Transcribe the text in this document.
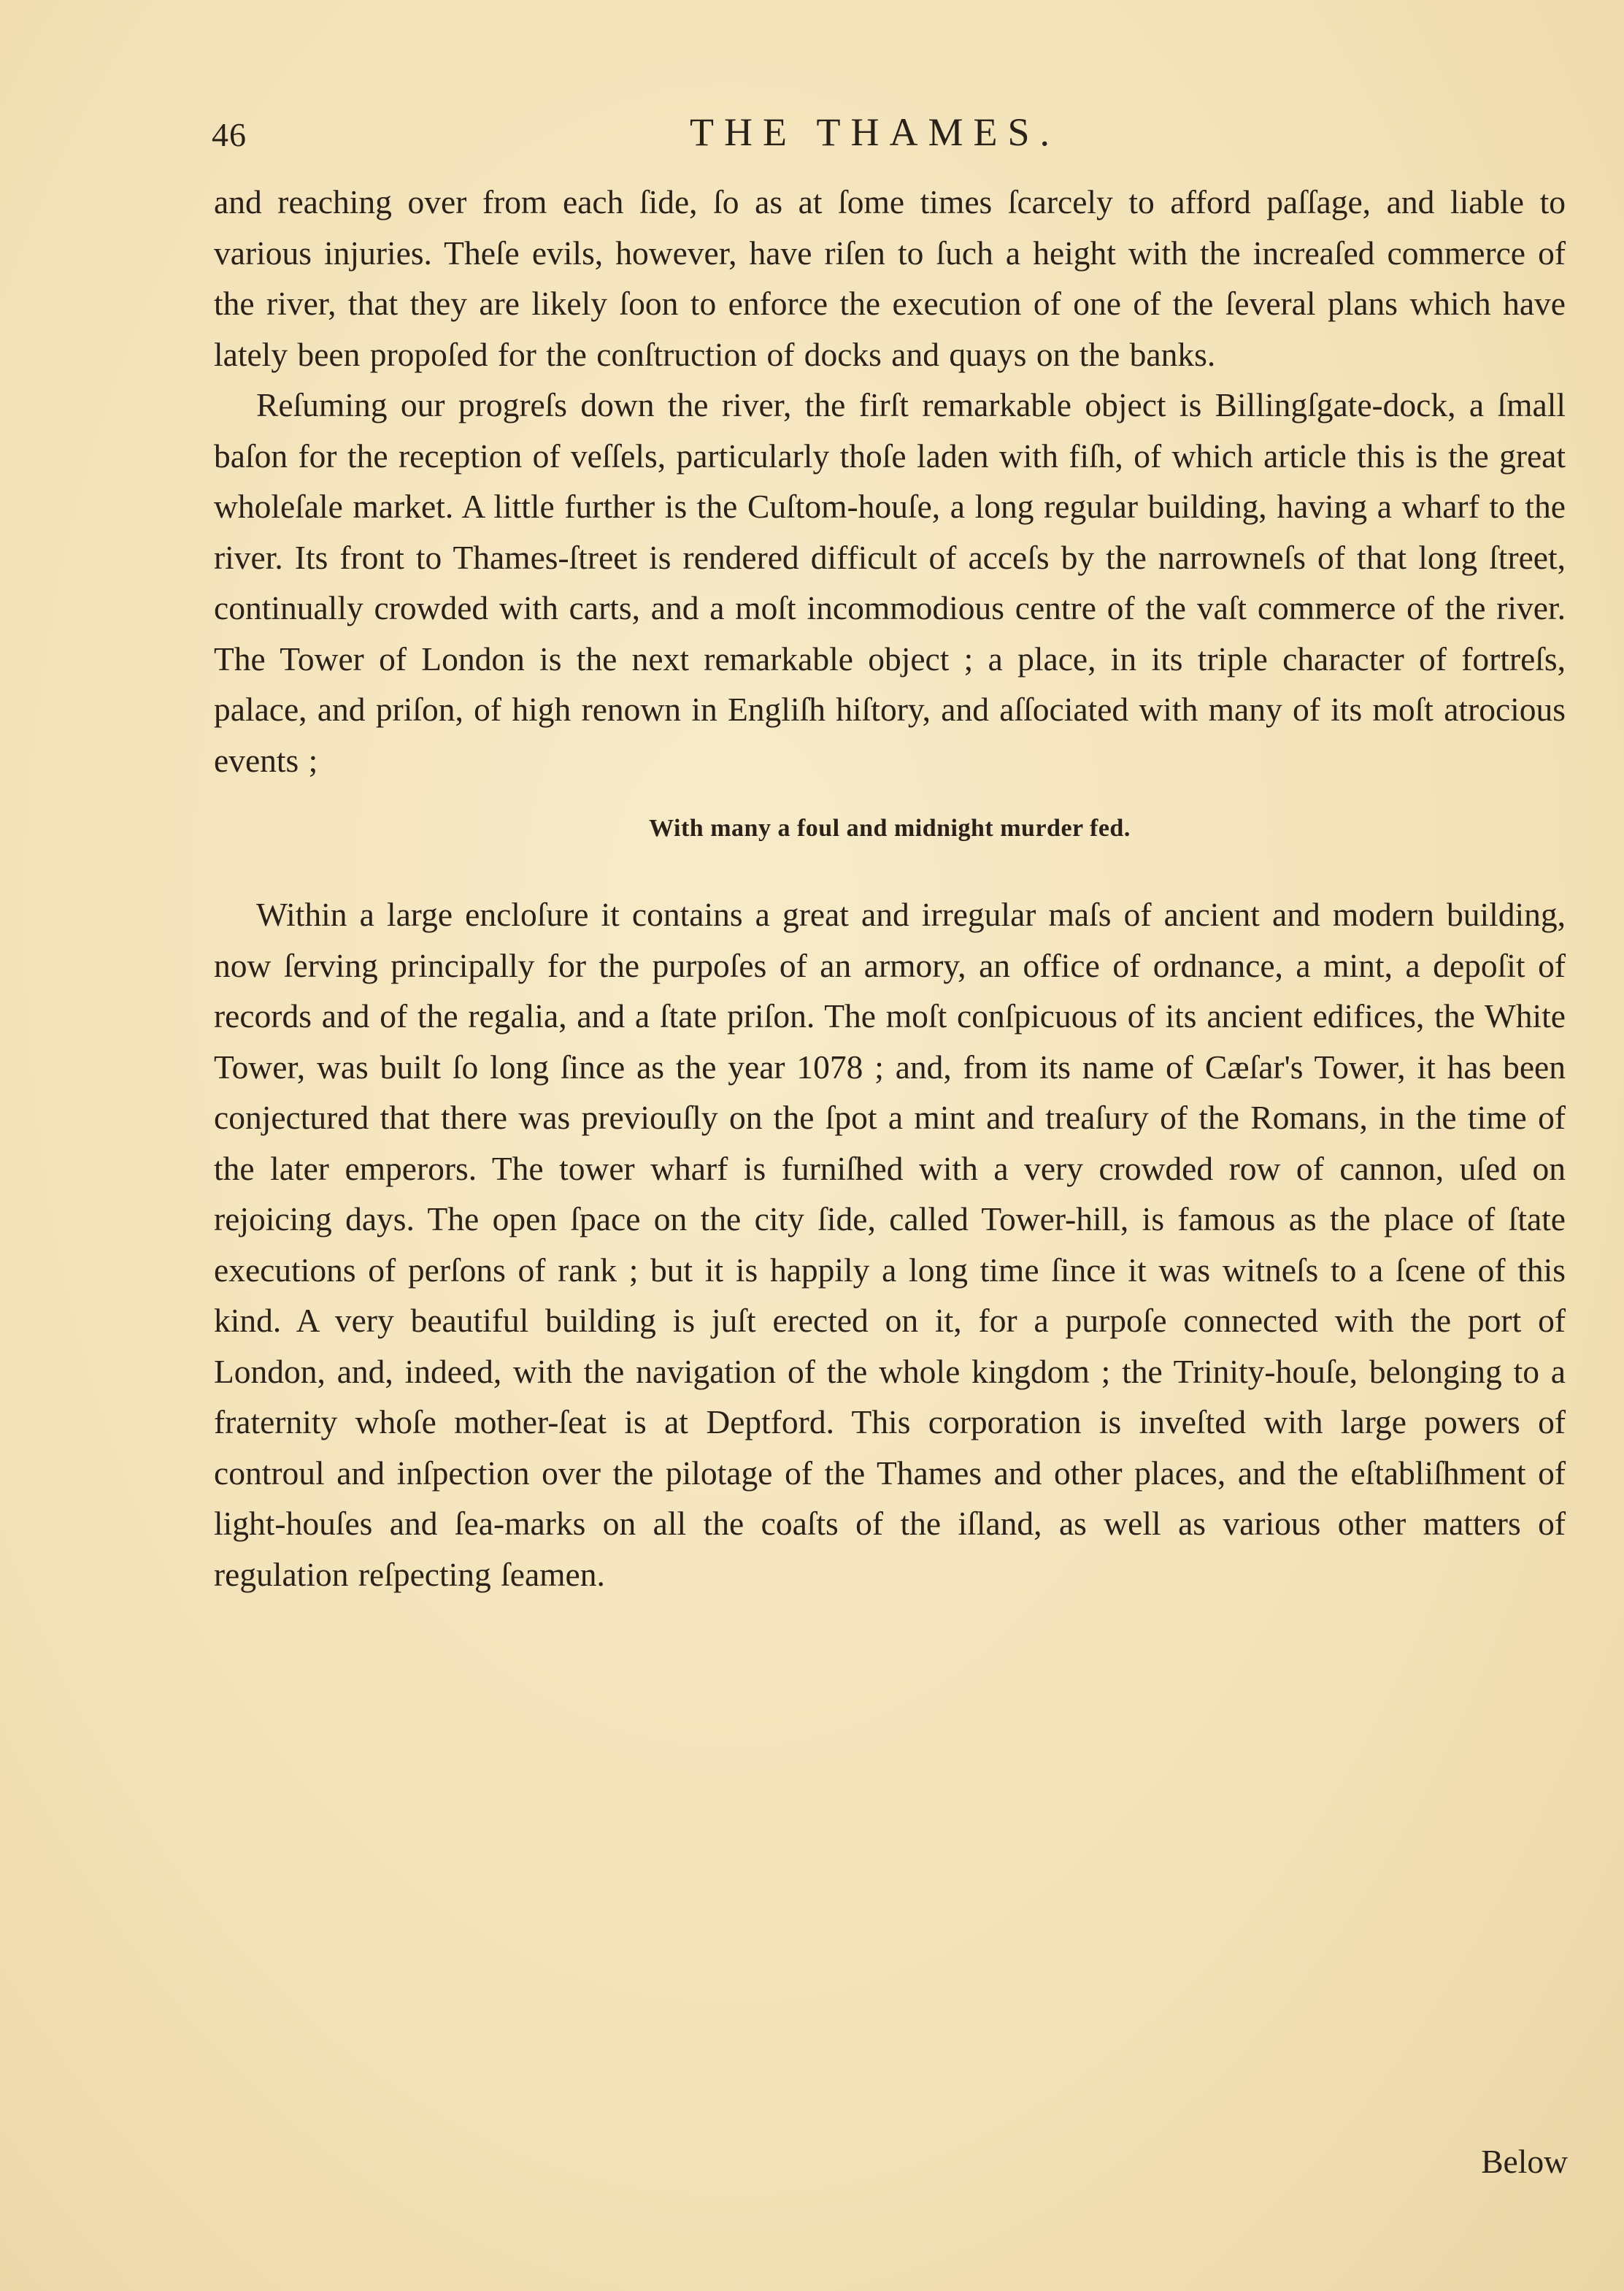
46	THE THAMES.

and reaching over from each ſide, ſo as at ſome times ſcarcely to afford paſſage, and liable to various injuries. Theſe evils, however, have riſen to ſuch a height with the increaſed commerce of the river, that they are likely ſoon to enforce the execution of one of the ſeveral plans which have lately been propoſed for the conſtruction of docks and quays on the banks.

Reſuming our progreſs down the river, the firſt remarkable object is Billingſgate-dock, a ſmall baſon for the reception of veſſels, particularly thoſe laden with fiſh, of which article this is the great wholeſale market. A little further is the Cuſtom-houſe, a long regular building, having a wharf to the river. Its front to Thames-ſtreet is rendered difficult of acceſs by the narrowneſs of that long ſtreet, continually crowded with carts, and a moſt incommodious centre of the vaſt commerce of the river. The Tower of London is the next remarkable object ; a place, in its triple character of fortreſs, palace, and priſon, of high renown in Engliſh hiſtory, and aſſociated with many of its moſt atrocious events ;

With many a foul and midnight murder fed.

Within a large encloſure it contains a great and irregular maſs of ancient and modern building, now ſerving principally for the purpoſes of an armory, an office of ordnance, a mint, a depoſit of records and of the regalia, and a ſtate priſon. The moſt conſpicuous of its ancient edifices, the White Tower, was built ſo long ſince as the year 1078 ; and, from its name of Cæſar's Tower, it has been conjectured that there was previouſly on the ſpot a mint and treaſury of the Romans, in the time of the later emperors. The tower wharf is furniſhed with a very crowded row of cannon, uſed on rejoicing days. The open ſpace on the city ſide, called Tower-hill, is famous as the place of ſtate executions of perſons of rank ; but it is happily a long time ſince it was witneſs to a ſcene of this kind. A very beautiful building is juſt erected on it, for a purpoſe connected with the port of London, and, indeed, with the navigation of the whole kingdom ; the Trinity-houſe, belonging to a fraternity whoſe mother-ſeat is at Deptford. This corporation is inveſted with large powers of controul and inſpection over the pilotage of the Thames and other places, and the eſtabliſhment of light-houſes and ſea-marks on all the coaſts of the iſland, as well as various other matters of regulation reſpecting ſeamen.

Below
